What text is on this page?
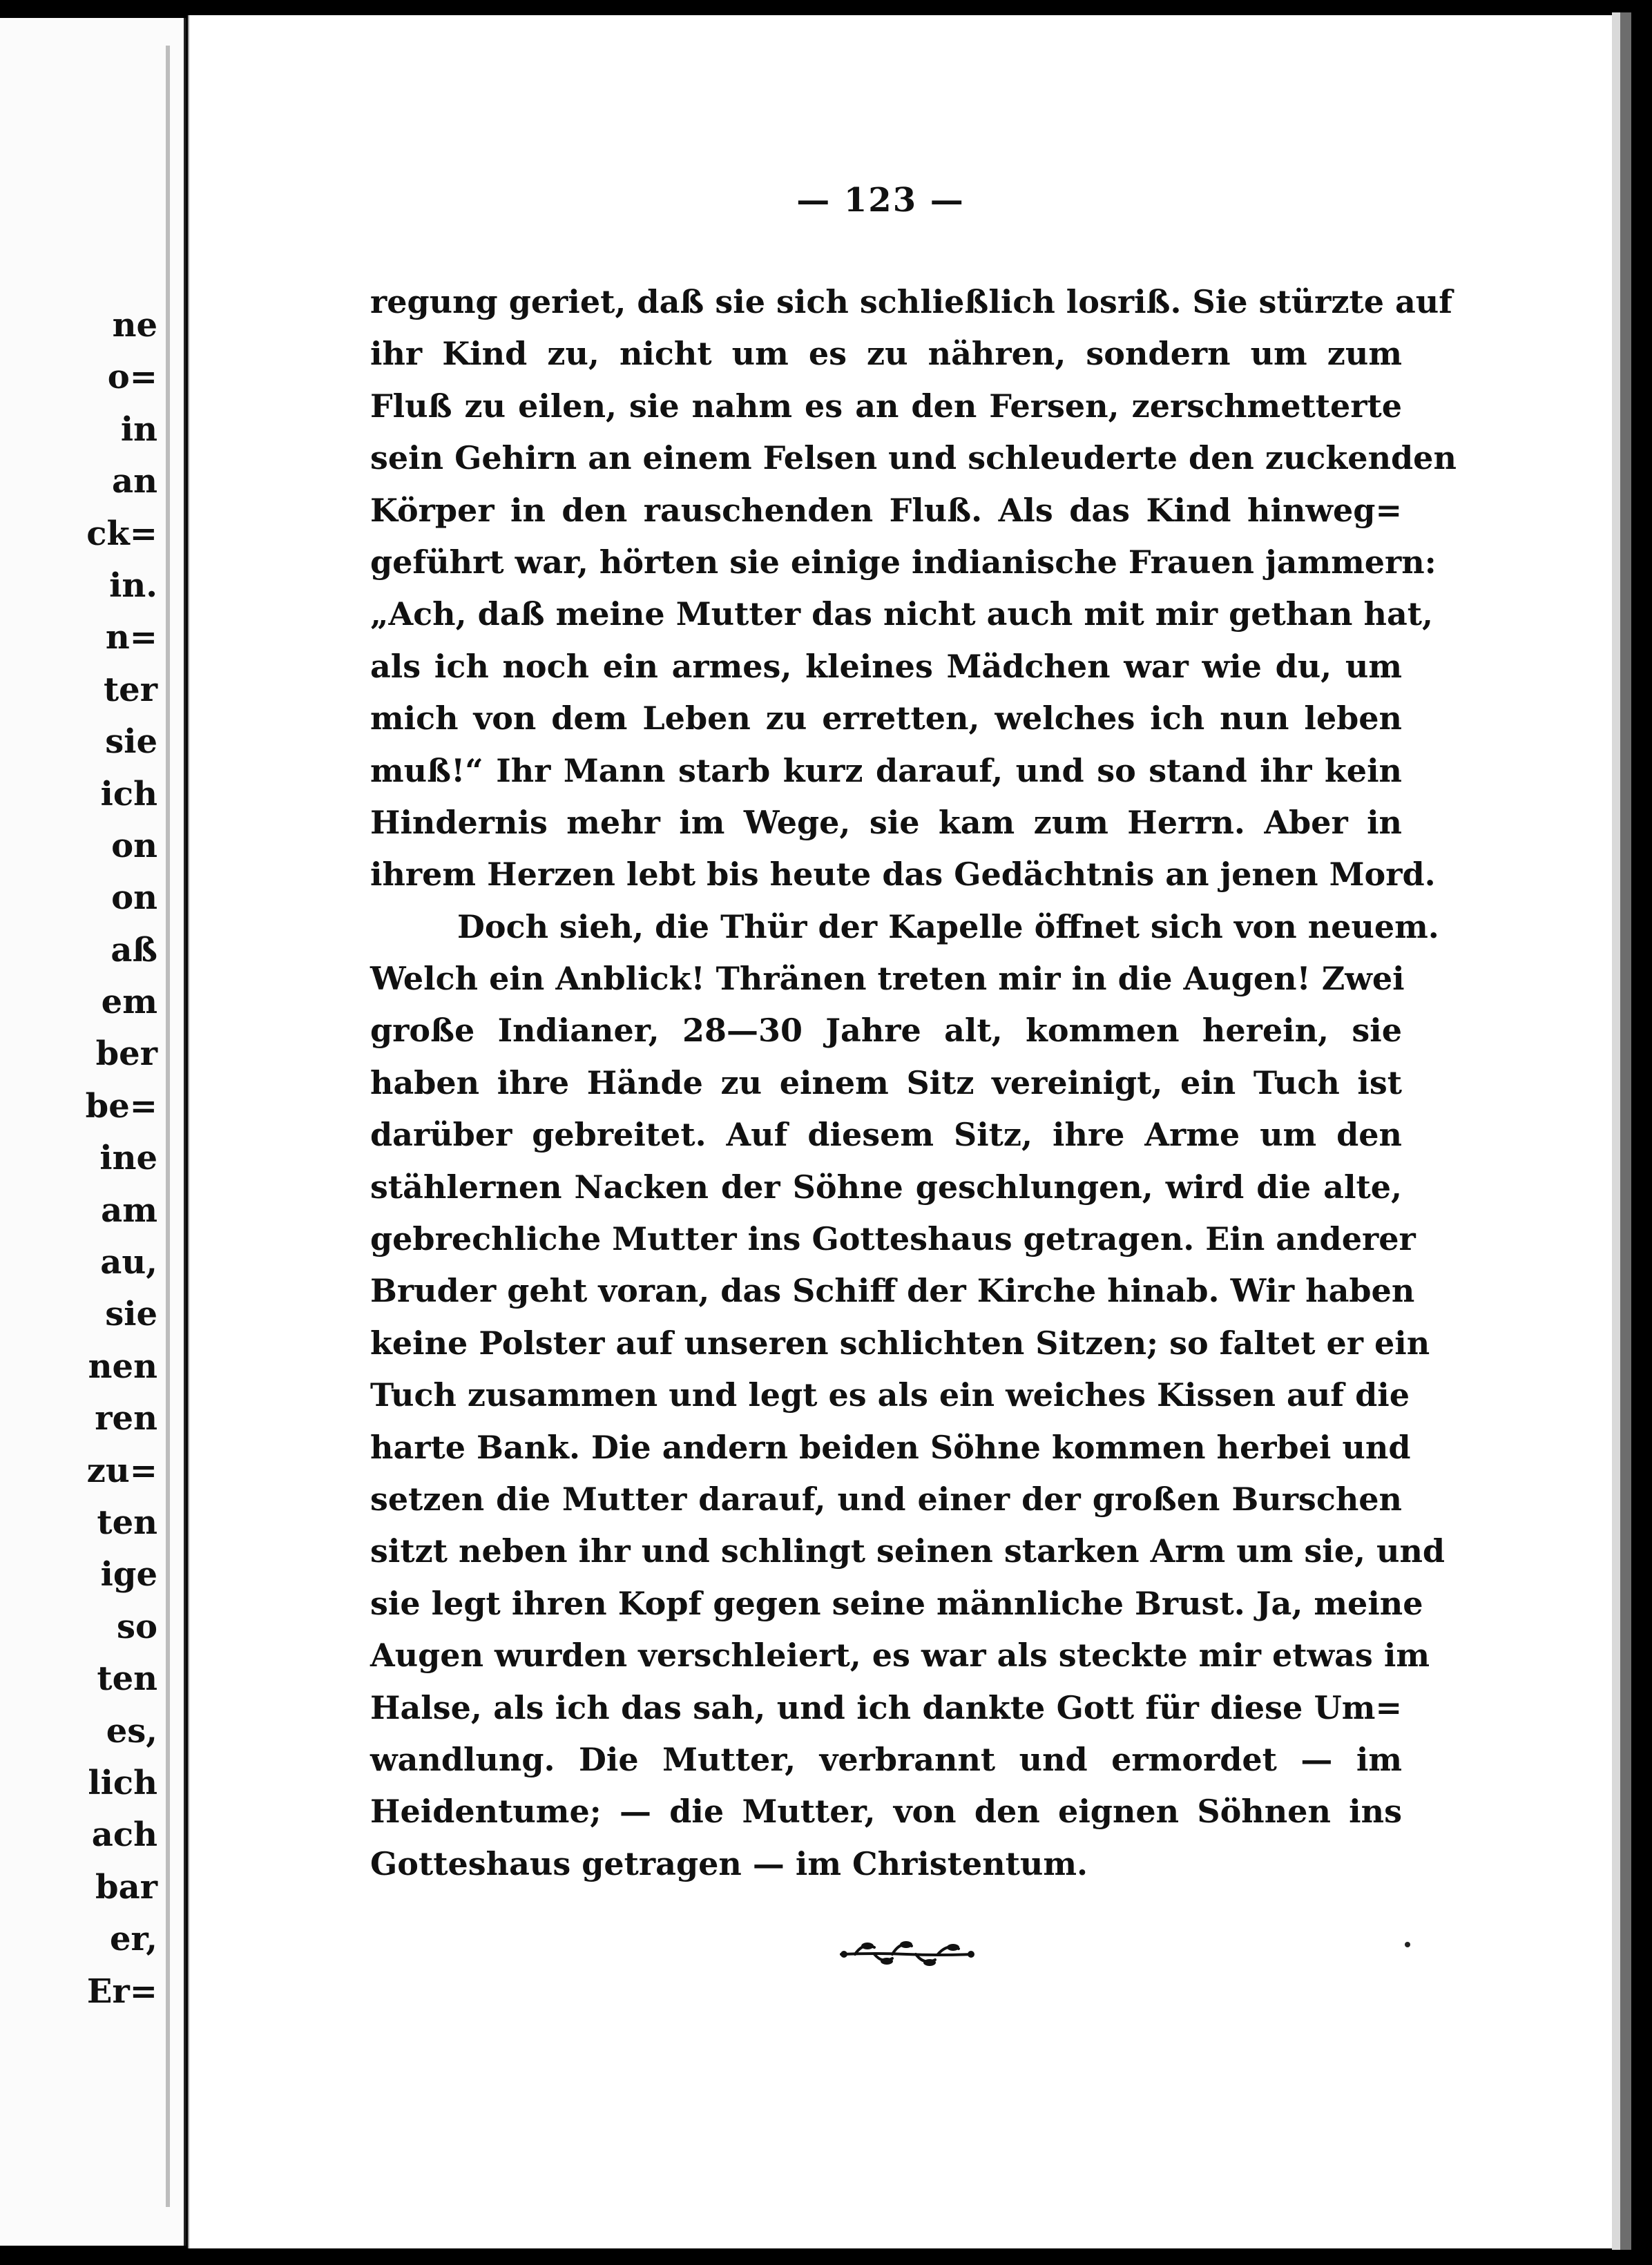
ne
o=
in
an
ck=
in.
n=
ter
sie
ich
on
on
aß
em
ber
be=
ine
am
au,
sie
nen
ren
zu=
ten
ige
so
ten
es,
lich
ach
bar
er,
Er=
— 123 —
regung geriet, daß sie sich schließlich losriß. Sie stürzte auf
ihr Kind zu, nicht um es zu nähren, sondern um zum
Fluß zu eilen, sie nahm es an den Fersen, zerschmetterte
sein Gehirn an einem Felsen und schleuderte den zuckenden
Körper in den rauschenden Fluß. Als das Kind hinweg=
geführt war, hörten sie einige indianische Frauen jammern:
„Ach, daß meine Mutter das nicht auch mit mir gethan hat,
als ich noch ein armes, kleines Mädchen war wie du, um
mich von dem Leben zu erretten, welches ich nun leben
muß!“ Ihr Mann starb kurz darauf, und so stand ihr kein
Hindernis mehr im Wege, sie kam zum Herrn. Aber in
ihrem Herzen lebt bis heute das Gedächtnis an jenen Mord.
Doch sieh, die Thür der Kapelle öffnet sich von neuem.
Welch ein Anblick! Thränen treten mir in die Augen! Zwei
große Indianer, 28—30 Jahre alt, kommen herein, sie
haben ihre Hände zu einem Sitz vereinigt, ein Tuch ist
darüber gebreitet. Auf diesem Sitz, ihre Arme um den
stählernen Nacken der Söhne geschlungen, wird die alte,
gebrechliche Mutter ins Gotteshaus getragen. Ein anderer
Bruder geht voran, das Schiff der Kirche hinab. Wir haben
keine Polster auf unseren schlichten Sitzen; so faltet er ein
Tuch zusammen und legt es als ein weiches Kissen auf die
harte Bank. Die andern beiden Söhne kommen herbei und
setzen die Mutter darauf, und einer der großen Burschen
sitzt neben ihr und schlingt seinen starken Arm um sie, und
sie legt ihren Kopf gegen seine männliche Brust. Ja, meine
Augen wurden verschleiert, es war als steckte mir etwas im
Halse, als ich das sah, und ich dankte Gott für diese Um=
wandlung. Die Mutter, verbrannt und ermordet — im
Heidentume; — die Mutter, von den eignen Söhnen ins
Gotteshaus getragen — im Christentum.
